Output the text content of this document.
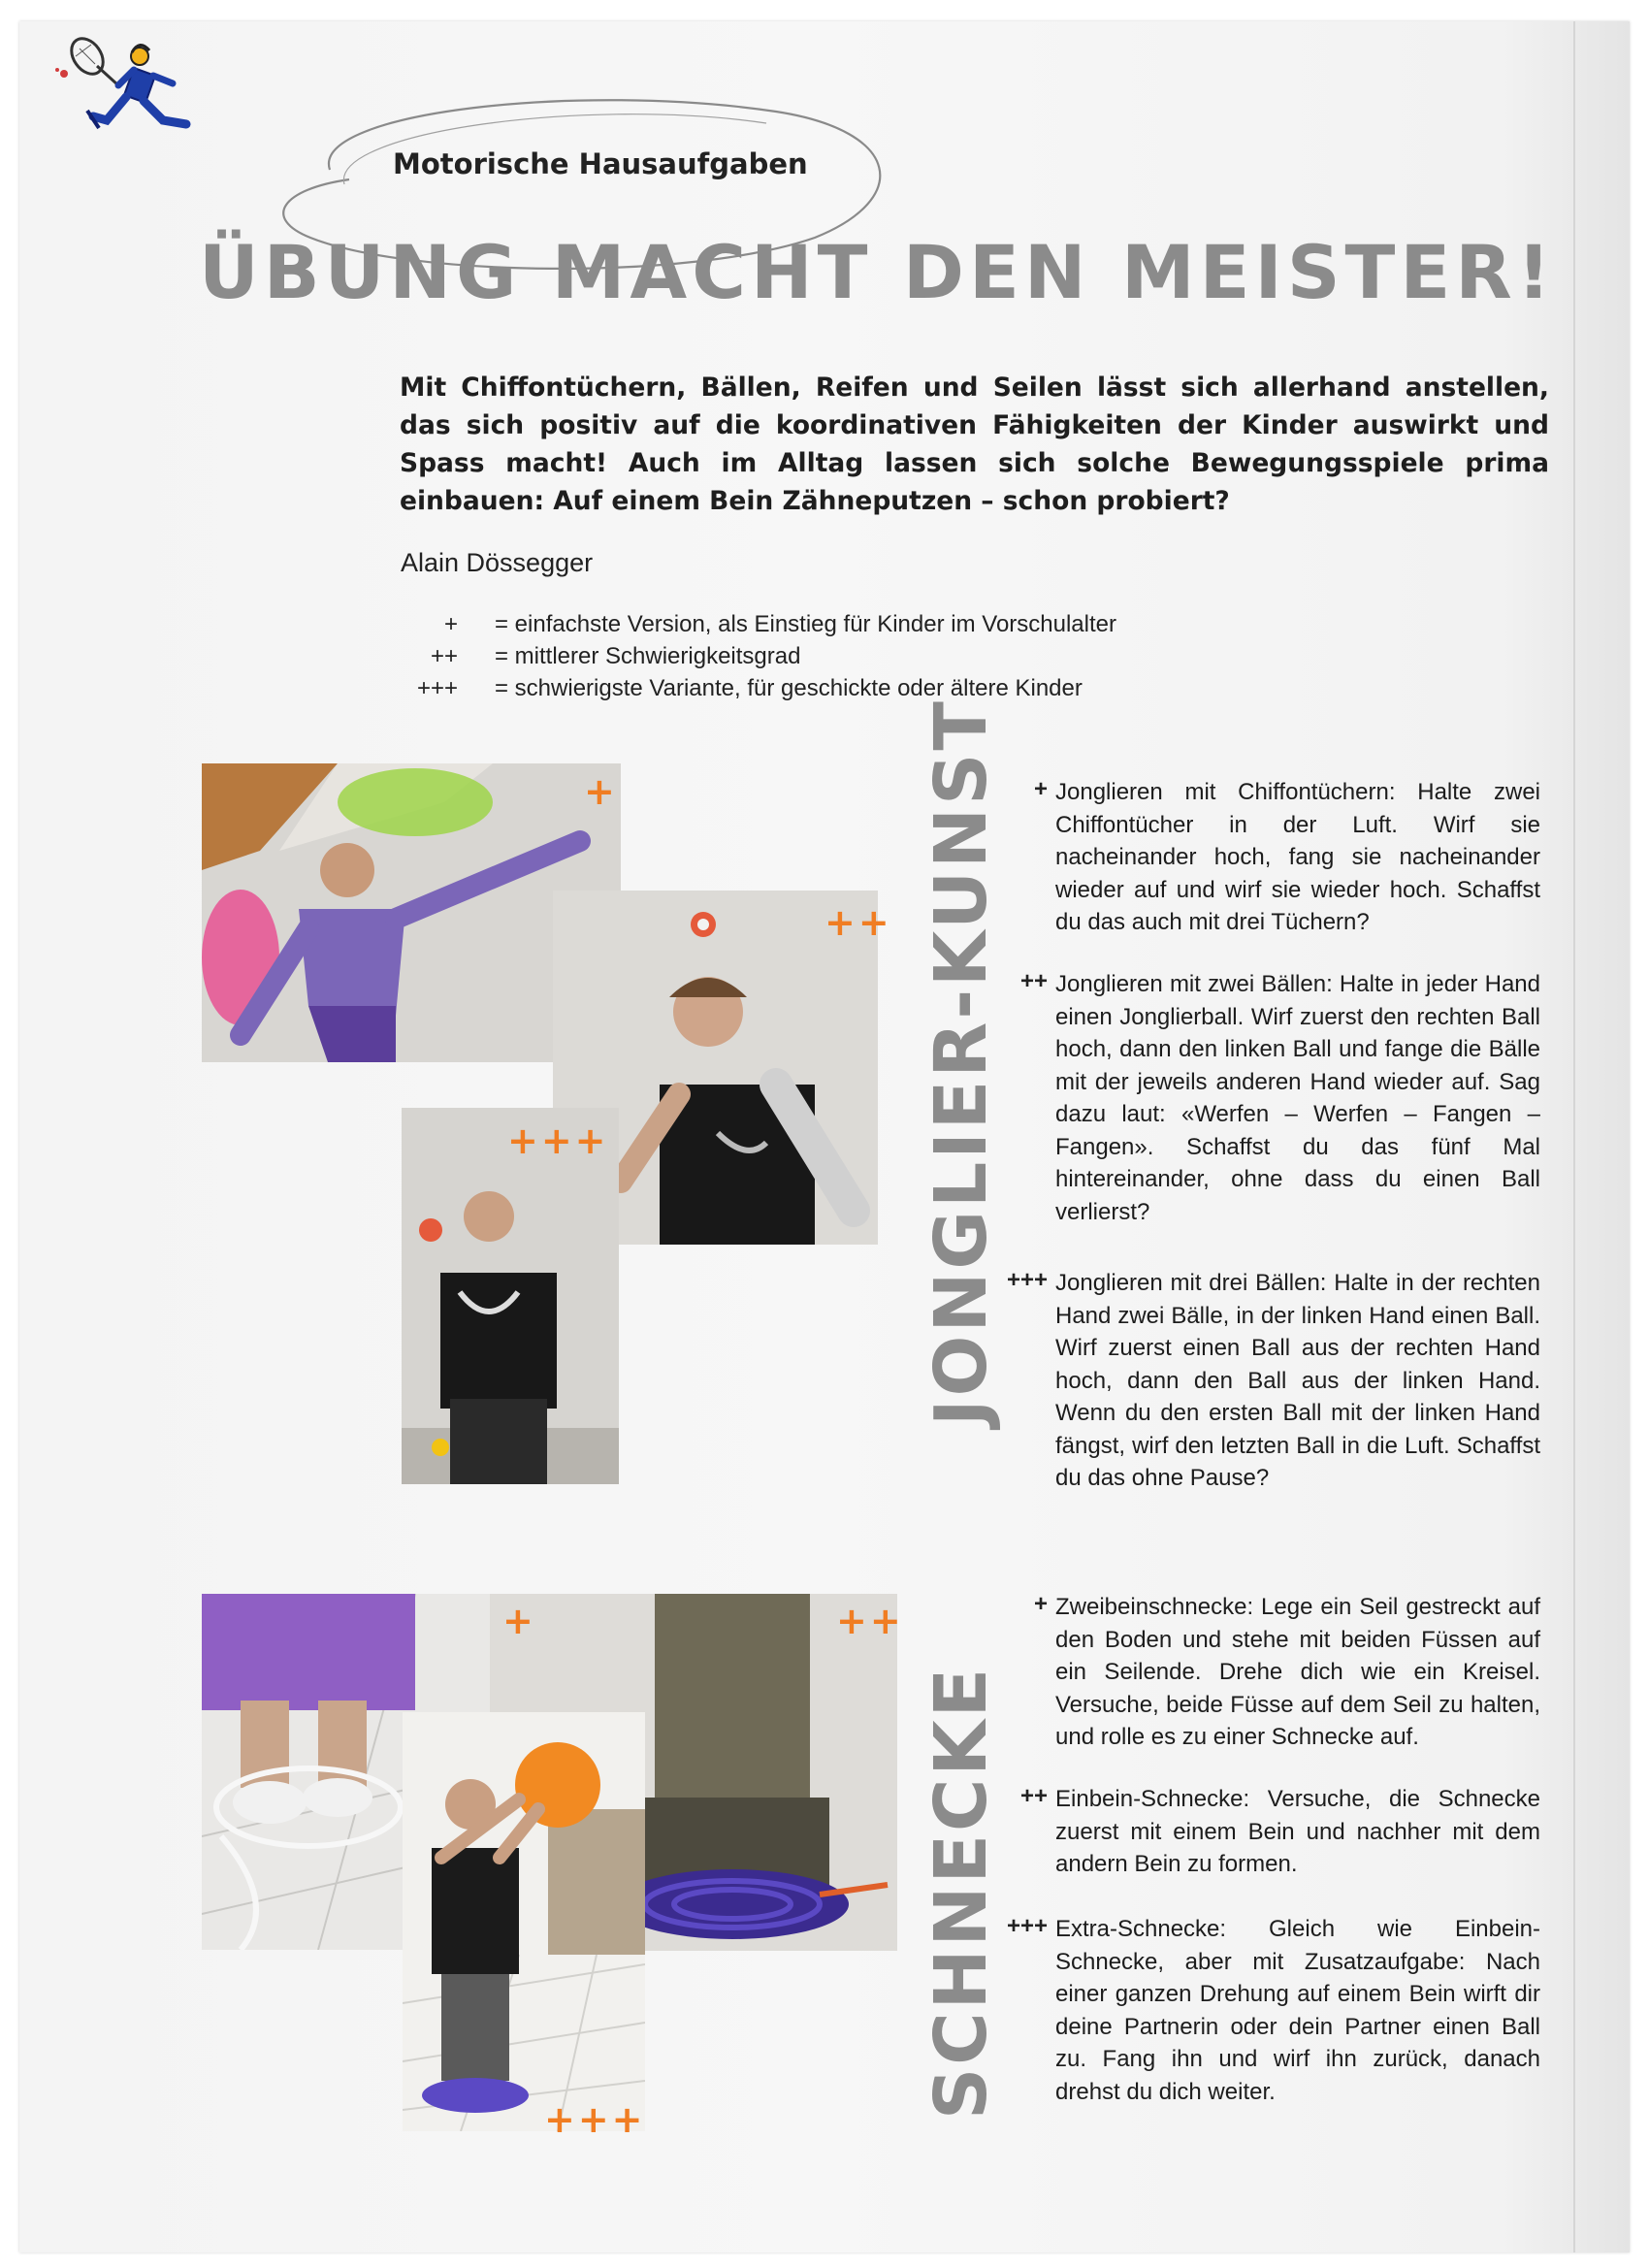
Motorische Hausaufgaben
ÜBUNG MACHT DEN MEISTER!

Mit Chiffontüchern, Bällen, Reifen und Seilen lässt sich allerhand anstellen, das sich positiv auf die koordinativen Fähigkeiten der Kinder auswirkt und Spass macht! Auch im Alltag lassen sich solche Bewegungsspiele prima einbauen: Auf einem Bein Zähneputzen – schon probiert?

Alain Dössegger
+ = einfachste Version, als Einstieg für Kinder im Vorschulalter
++ = mittlerer Schwierigkeitsgrad
+++ = schwierigste Variante, für geschickte oder ältere Kinder
+
++
+++	JONGLIER-KUNST	+ Jonglieren mit Chiffontüchern: Halte zwei Chiffontücher in der Luft. Wirf sie nacheinander hoch, fang sie nacheinander wieder auf und wirf sie wieder hoch. Schaffst du das auch mit drei Tüchern?

++ Jonglieren mit zwei Bällen: Halte in jeder Hand einen Jonglierball. Wirf zuerst den rechten Ball hoch, dann den linken Ball und fange die Bälle mit der jeweils anderen Hand wieder auf. Sag dazu laut: «Werfen – Werfen – Fangen – Fangen». Schaffst du das fünf Mal hintereinander, ohne dass du einen Ball verlierst?

+++ Jonglieren mit drei Bällen: Halte in der rechten Hand zwei Bälle, in der linken Hand einen Ball. Wirf zuerst einen Ball aus der rechten Hand hoch, dann den Ball aus der linken Hand. Wenn du den ersten Ball mit der linken Hand fängst, wirf den letzten Ball in die Luft. Schaffst du das ohne Pause?

+	++
+++	SCHNECKE
+ Zweibeinschnecke: Lege ein Seil gestreckt auf den Boden und stehe mit beiden Füssen auf ein Seilende. Drehe dich wie ein Kreisel. Versuche, beide Füsse auf dem Seil zu halten, und rolle es zu einer Schnecke auf.

++ Einbein-Schnecke: Versuche, die Schnecke zuerst mit einem Bein und nachher mit dem andern Bein zu formen.

+++ Extra-Schnecke: Gleich wie Einbein-Schnecke, aber mit Zusatzaufgabe: Nach einer ganzen Drehung auf einem Bein wirft dir deine Partnerin oder dein Partner einen Ball zu. Fang ihn und wirf ihn zurück, danach drehst du dich weiter.
